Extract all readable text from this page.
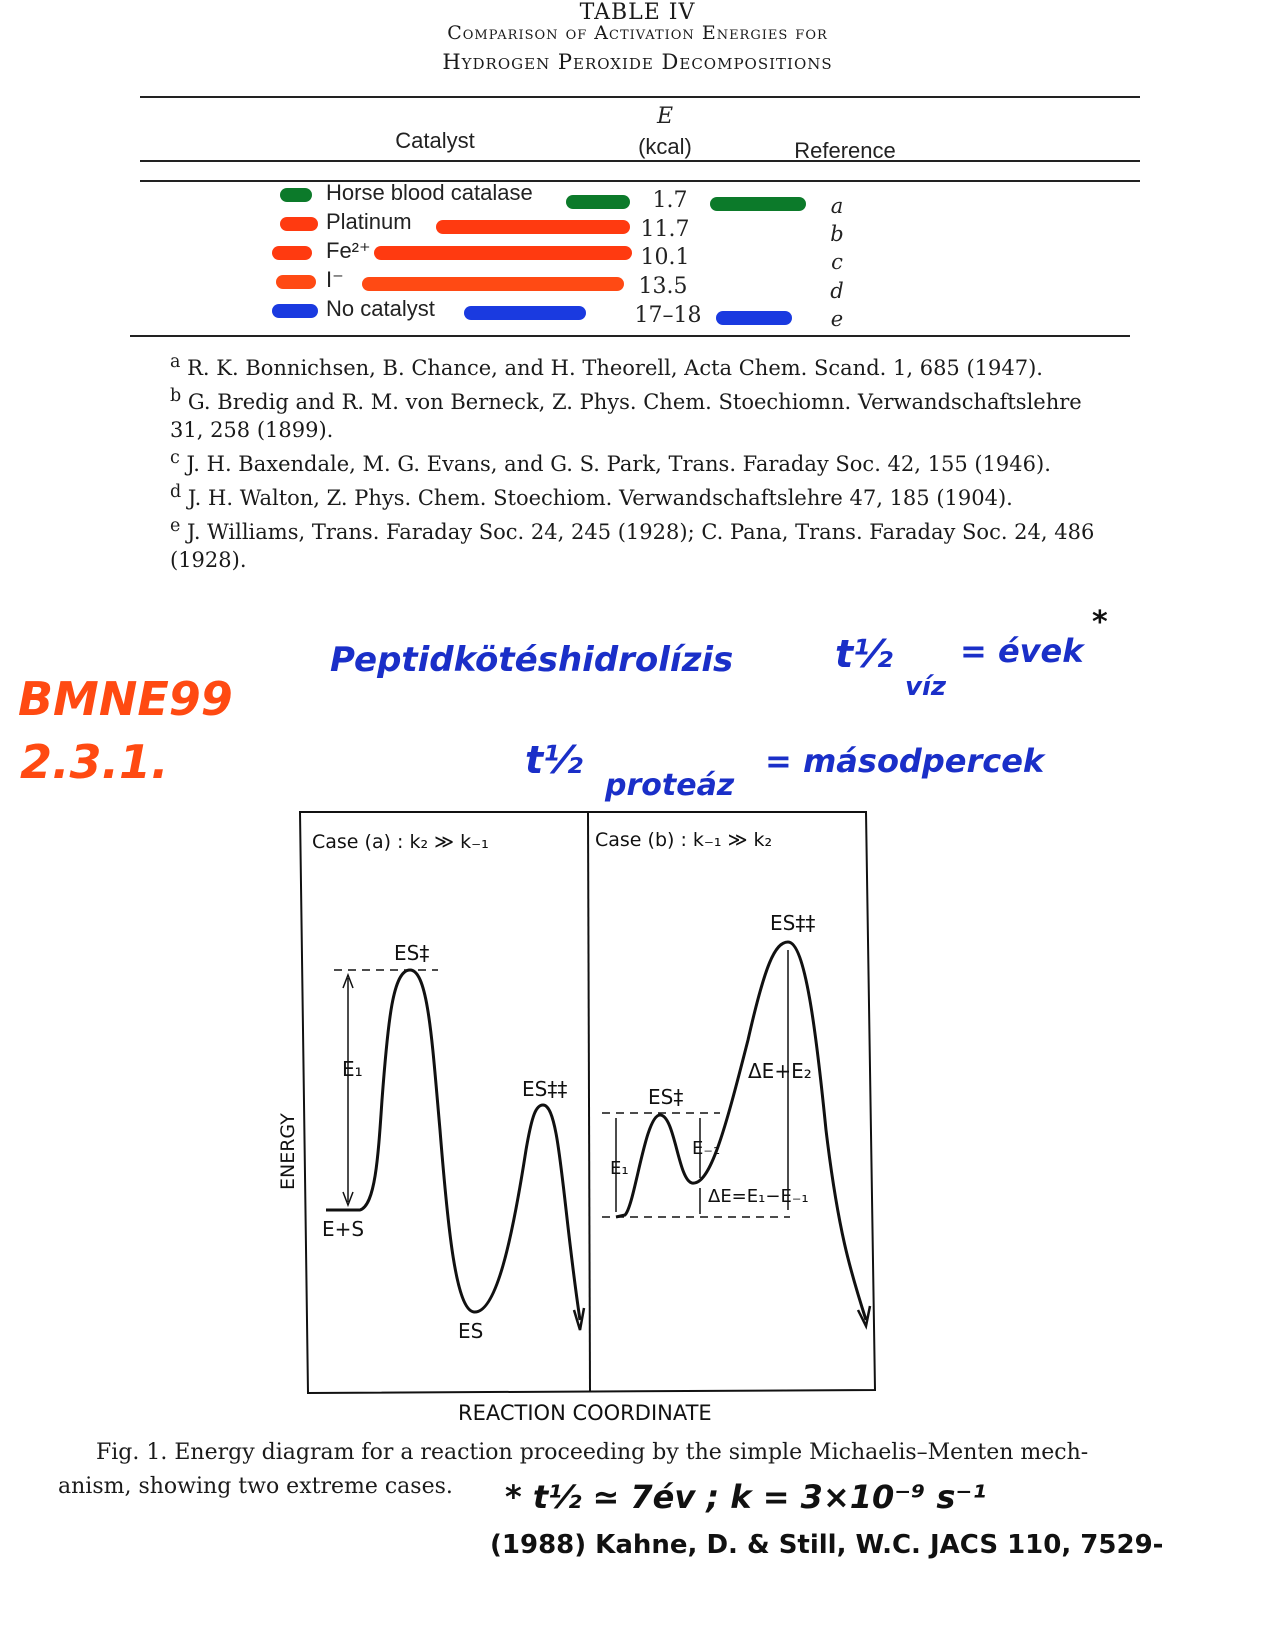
TABLE IV
Comparison of Activation Energies for
Hydrogen Peroxide Decompositions
Catalyst
E
(kcal)	Reference
Horse blood catalase	1.7	a
Platinum	11.7	b
Fe²⁺	10.1	c
I⁻	13.5	d
No catalyst	17–18	e
$^a$ R. K. Bonnichsen, B. Chance, and H. Theorell, Acta Chem. Scand. 1, 685 (1947).
$^b$ G. Bredig and R. M. von Berneck, Z. Phys. Chem. Stoechiomn. Verwandschaftslehre 31, 258 (1899).
$^c$ J. H. Baxendale, M. G. Evans, and G. S. Park, Trans. Faraday Soc. 42, 155 (1946).
$^d$ J. H. Walton, Z. Phys. Chem. Stoechiom. Verwandschaftslehre 47, 185 (1904).
$^e$ J. Williams, Trans. Faraday Soc. 24, 245 (1928); C. Pana, Trans. Faraday Soc. 24, 486 (1928).
Peptidkötéshidrolízis	t½
víz
= évek
*
t½
proteáz
= másodpercek
BMNE99
2.3.1.
Case (a) : k₂ ≫ k₋₁	Case (b) : k₋₁ ≫ k₂
ES‡
E₁
ES‡‡
E+S
ES
ES‡‡
ΔE+E₂
ES‡
E₋₁
E₁
ΔE=E₁−E₋₁
ENERGY
REACTION COORDINATE
Fig. 1. Energy diagram for a reaction proceeding by the simple Michaelis–Menten mech-
anism, showing two extreme cases. * t½ ≃ 7év ; k = 3×10⁻⁹ s⁻¹
(1988) Kahne, D. & Still, W.C. JACS 110, 7529-
